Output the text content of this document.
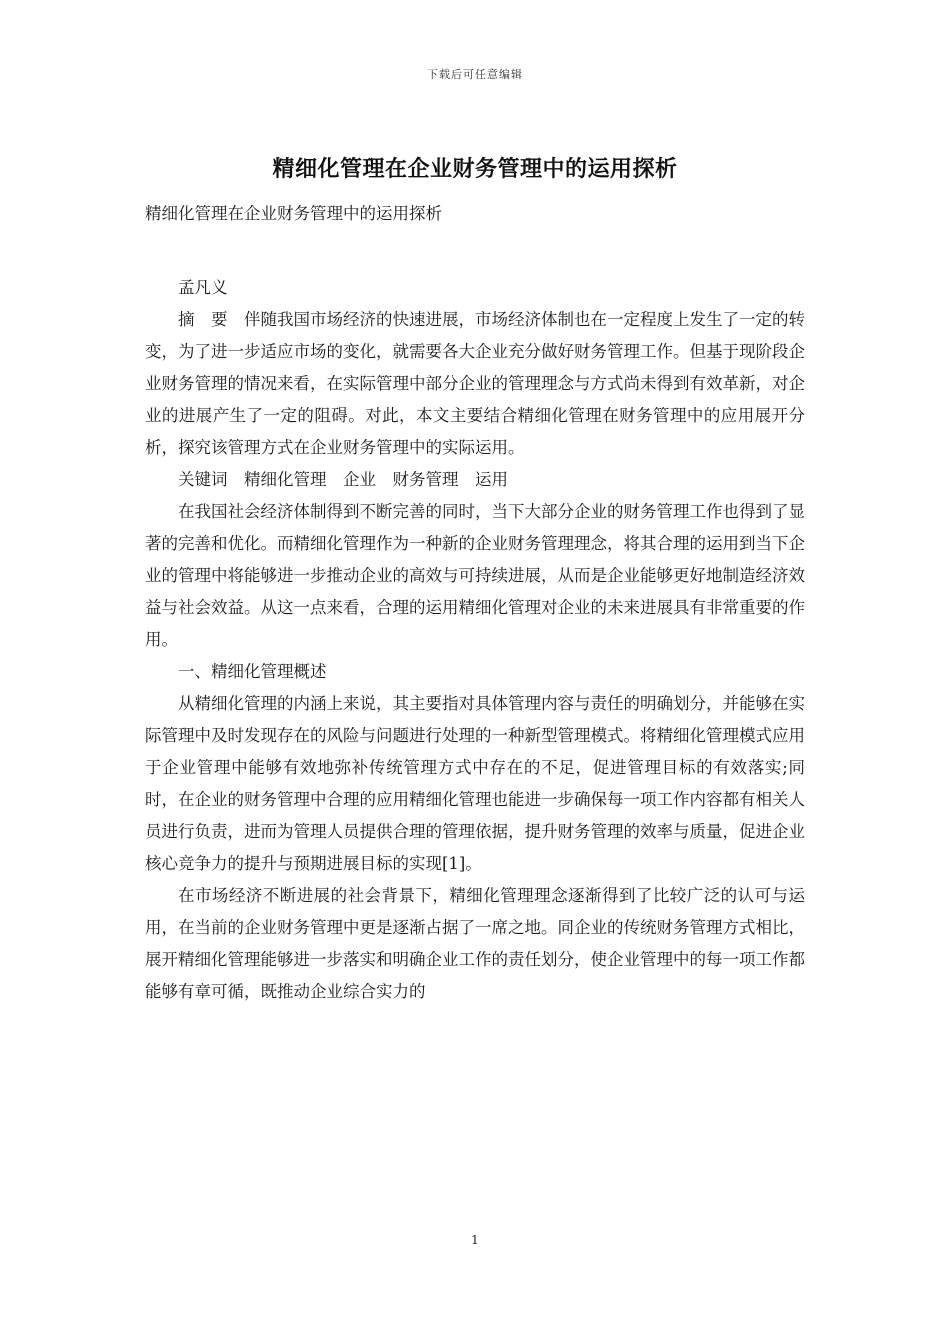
下载后可任意编辑
精细化管理在企业财务管理中的运用探析
精细化管理在企业财务管理中的运用探析
孟凡义

摘　要　伴随我国市场经济的快速进展，市场经济体制也在一定程度上发生了一定的转变，为了进一步适应市场的变化，就需要各大企业充分做好财务管理工作。但基于现阶段企业财务管理的情况来看，在实际管理中部分企业的管理理念与方式尚未得到有效革新，对企业的进展产生了一定的阻碍。对此，本文主要结合精细化管理在财务管理中的应用展开分析，探究该管理方式在企业财务管理中的实际运用。

关键词　精细化管理　企业　财务管理　运用

在我国社会经济体制得到不断完善的同时，当下大部分企业的财务管理工作也得到了显著的完善和优化。而精细化管理作为一种新的企业财务管理理念，将其合理的运用到当下企业的管理中将能够进一步推动企业的高效与可持续进展，从而是企业能够更好地制造经济效益与社会效益。从这一点来看，合理的运用精细化管理对企业的未来进展具有非常重要的作用。

一、精细化管理概述

从精细化管理的内涵上来说，其主要指对具体管理内容与责任的明确划分，并能够在实际管理中及时发现存在的风险与问题进行处理的一种新型管理模式。将精细化管理模式应用于企业管理中能够有效地弥补传统管理方式中存在的不足，促进管理目标的有效落实;同时，在企业的财务管理中合理的应用精细化管理也能进一步确保每一项工作内容都有相关人员进行负责，进而为管理人员提供合理的管理依据，提升财务管理的效率与质量，促进企业核心竞争力的提升与预期进展目标的实现[1]。

在市场经济不断进展的社会背景下，精细化管理理念逐渐得到了比较广泛的认可与运用，在当前的企业财务管理中更是逐渐占据了一席之地。同企业的传统财务管理方式相比，展开精细化管理能够进一步落实和明确企业工作的责任划分，使企业管理中的每一项工作都能够有章可循，既推动企业综合实力的

1
